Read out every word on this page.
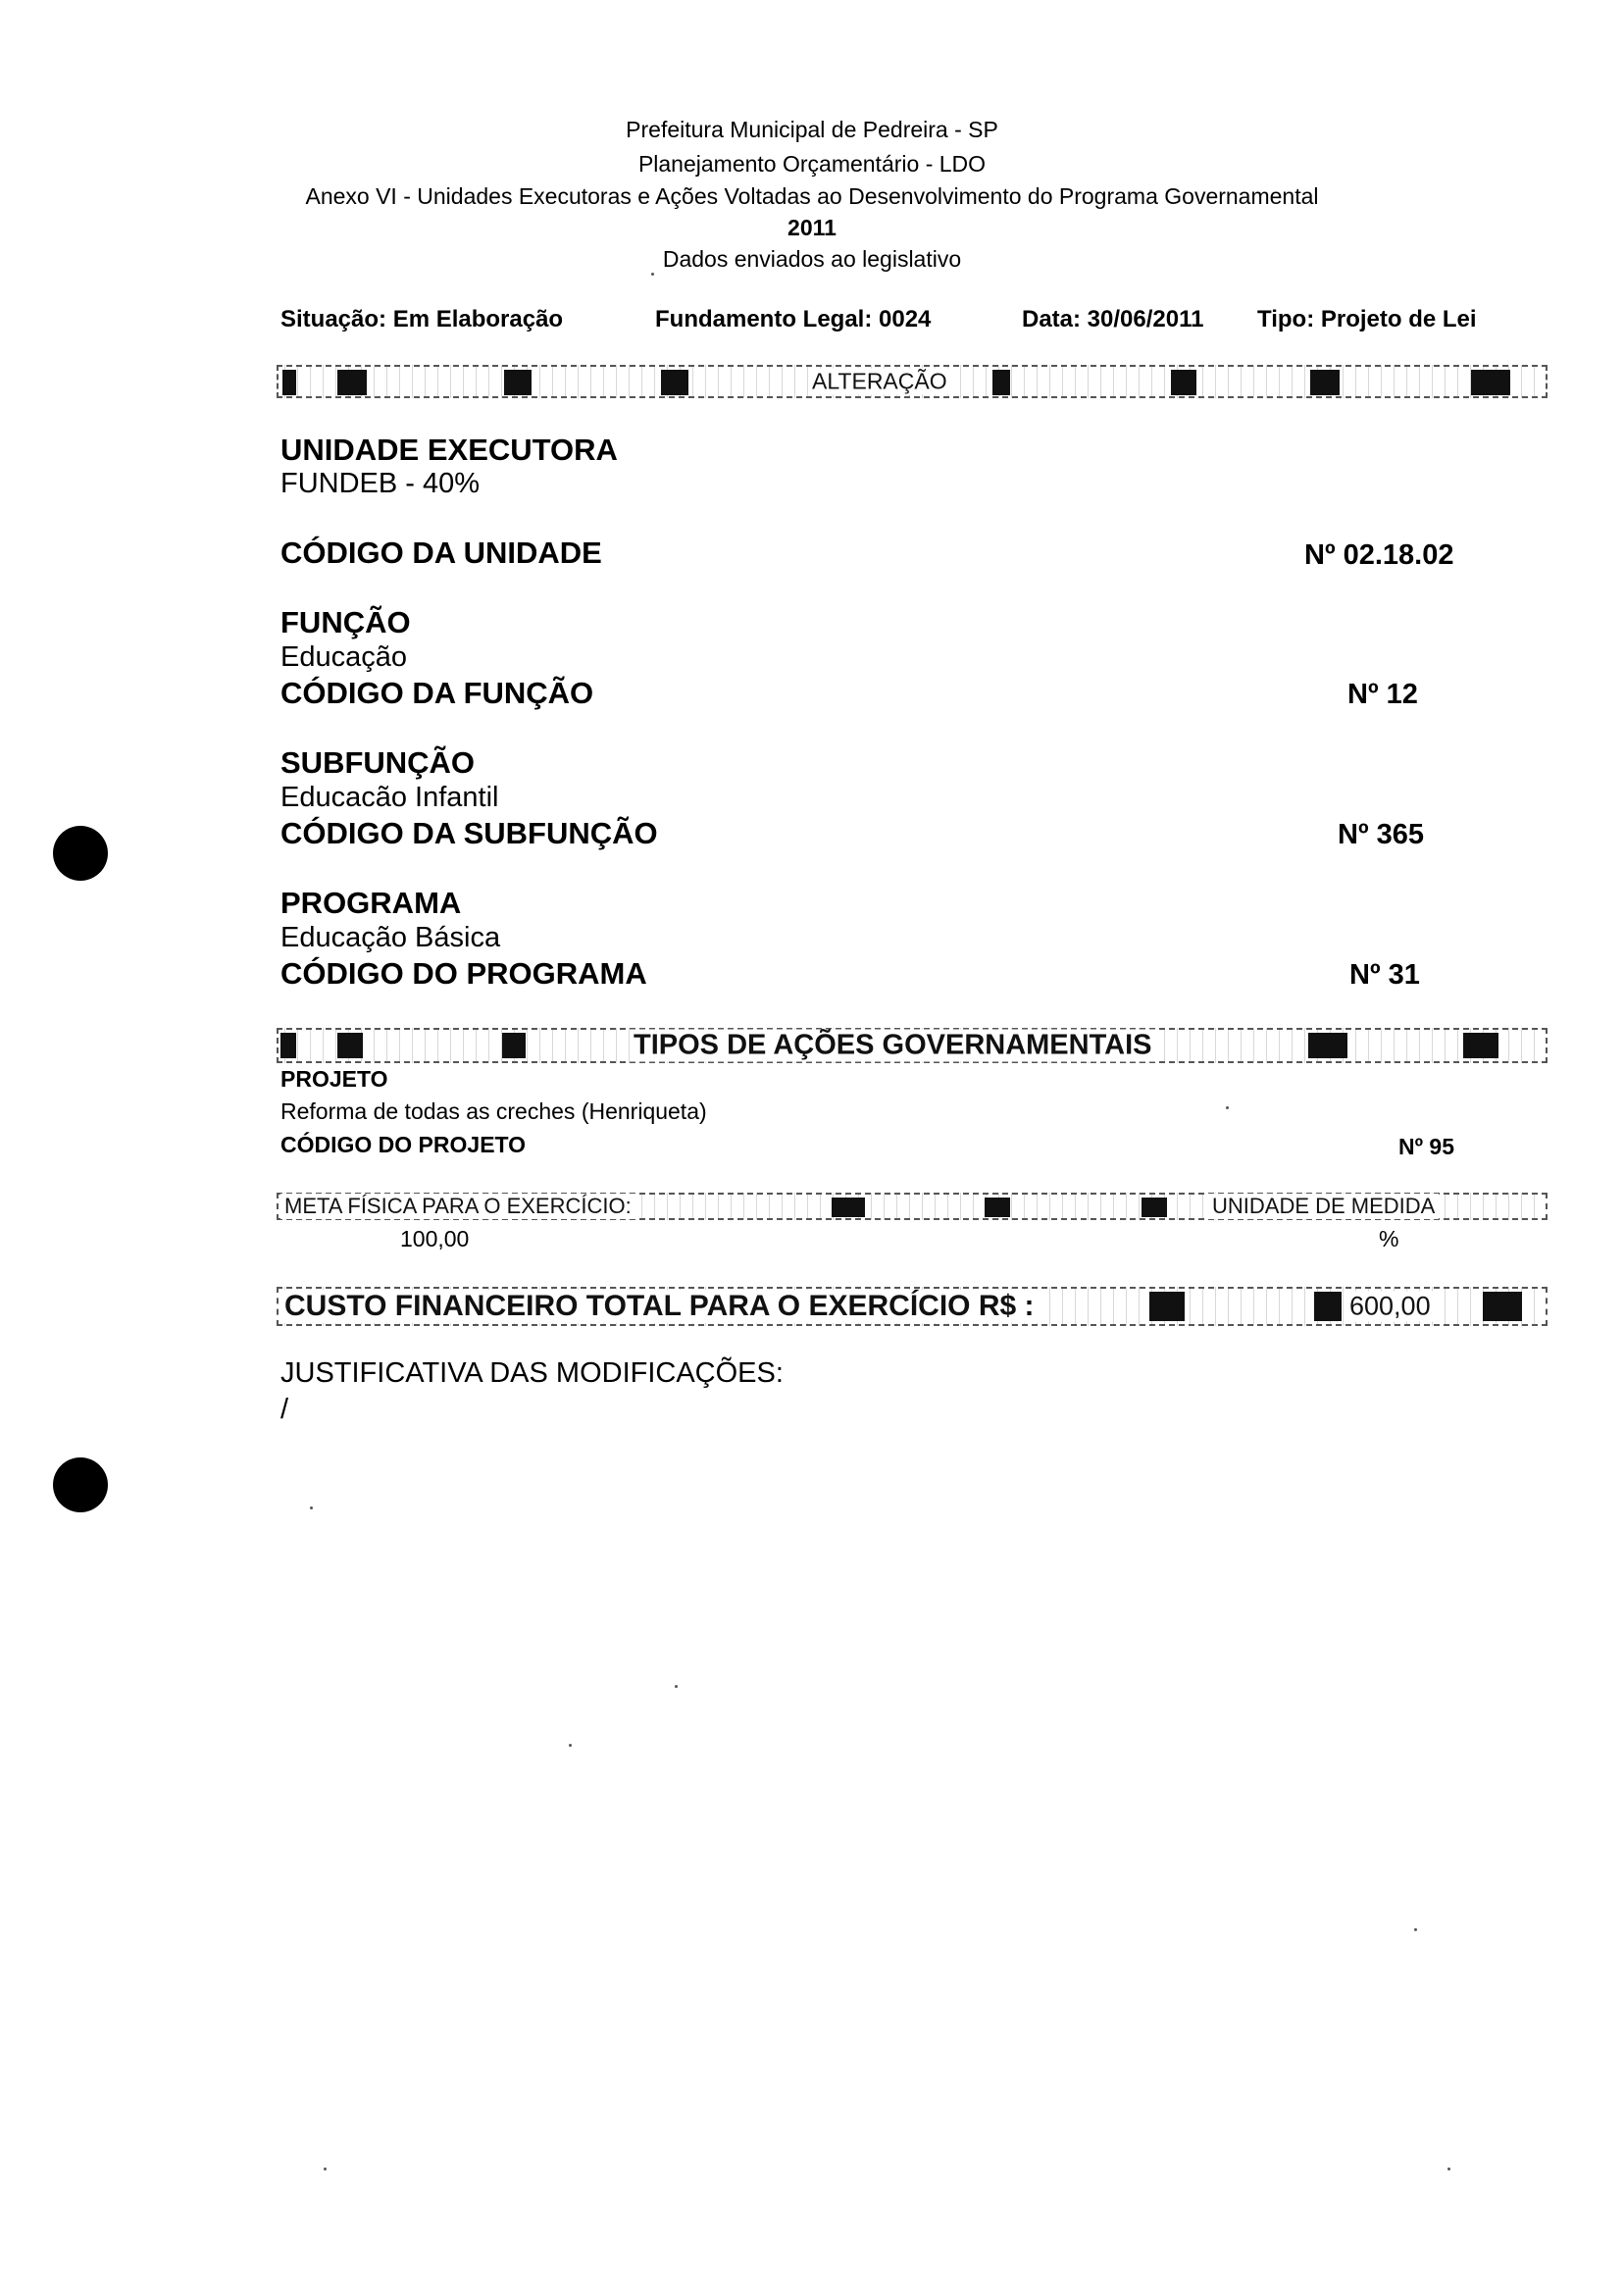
Prefeitura Municipal de Pedreira - SP
Planejamento Orçamentário - LDO
Anexo VI - Unidades Executoras e Ações Voltadas ao Desenvolvimento do Programa Governamental
2011
Dados enviados ao legislativo
Situação: Em Elaboração	Fundamento Legal: 0024	Data: 30/06/2011 Tipo: Projeto de Lei
ALTERAÇÃO
UNIDADE EXECUTORA
FUNDEB - 40%
CÓDIGO DA UNIDADE	Nº 02.18.02
FUNÇÃO
Educação
CÓDIGO DA FUNÇÃO	Nº 12
SUBFUNÇÃO
Educacão Infantil
CÓDIGO DA SUBFUNÇÃO	Nº 365
PROGRAMA
Educação Básica
CÓDIGO DO PROGRAMA	Nº 31
TIPOS DE AÇÕES GOVERNAMENTAIS
PROJETO
Reforma de todas as creches (Henriqueta)
CÓDIGO DO PROJETO	Nº 95
META FÍSICA PARA O EXERCÍCIO:	UNIDADE DE MEDIDA
100,00	%
CUSTO FINANCEIRO TOTAL PARA O EXERCÍCIO R$ :	600,00
JUSTIFICATIVA DAS MODIFICAÇÕES:
/
